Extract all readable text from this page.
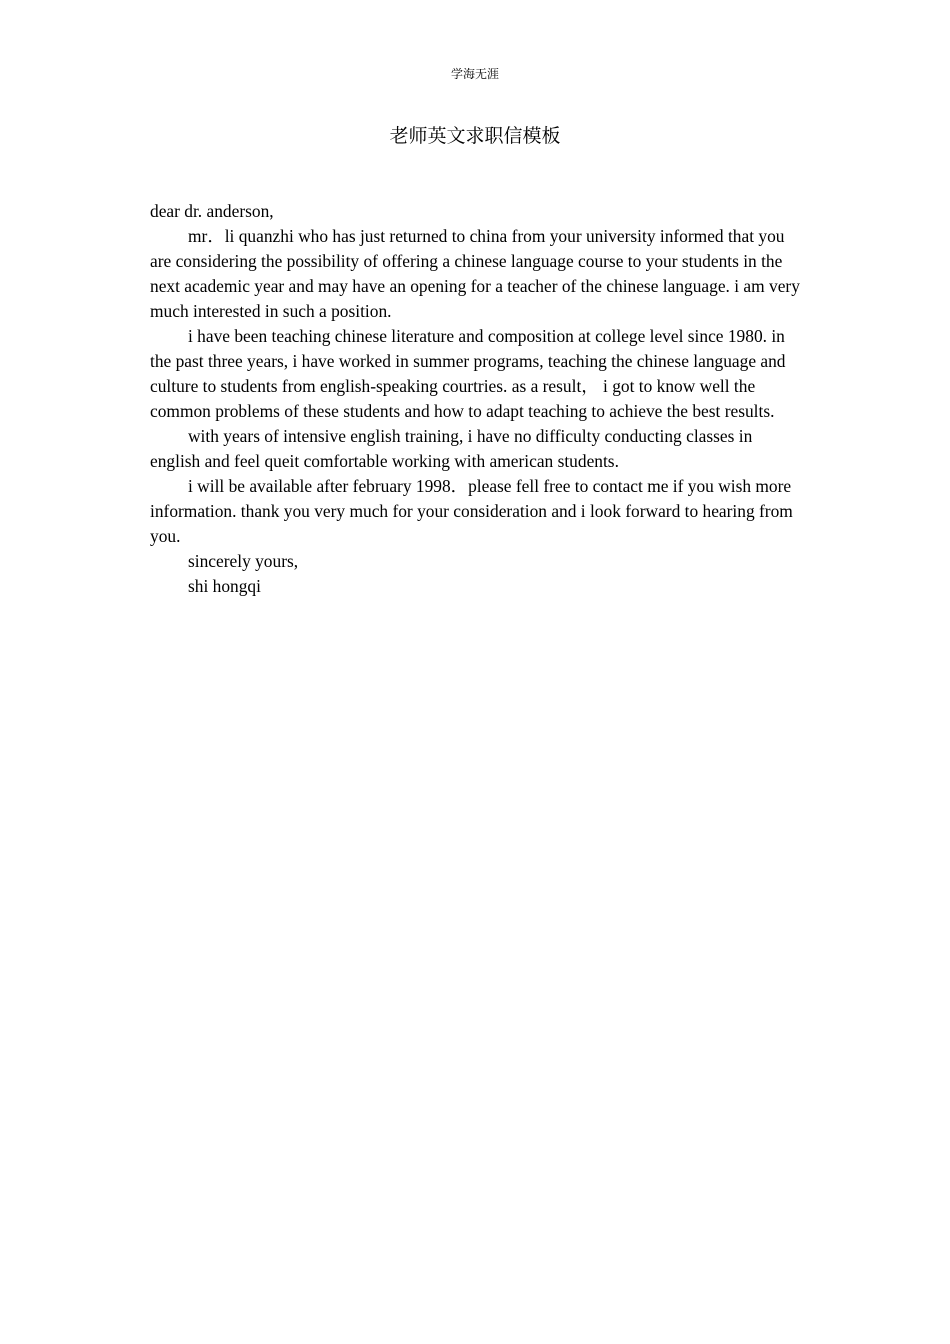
学海无涯
老师英文求职信模板

dear dr. anderson,

mr．li quanzhi who has just returned to china from your university informed that you are considering the possibility of offering a chinese language course to your students in the next academic year and may have an opening for a teacher of the chinese language. i am very much interested in such a position.

i have been teaching chinese literature and composition at college level since 1980. in the past three years, i have worked in summer programs, teaching the chinese language and culture to students from english-speaking courtries. as a result， i got to know well the common problems of these students and how to adapt teaching to achieve the best results.

with years of intensive english training, i have no difficulty conducting classes in english and feel queit comfortable working with american students.

i will be available after february 1998．please fell free to contact me if you wish more information. thank you very much for your consideration and i look forward to hearing from you.

sincerely yours,

shi hongqi
